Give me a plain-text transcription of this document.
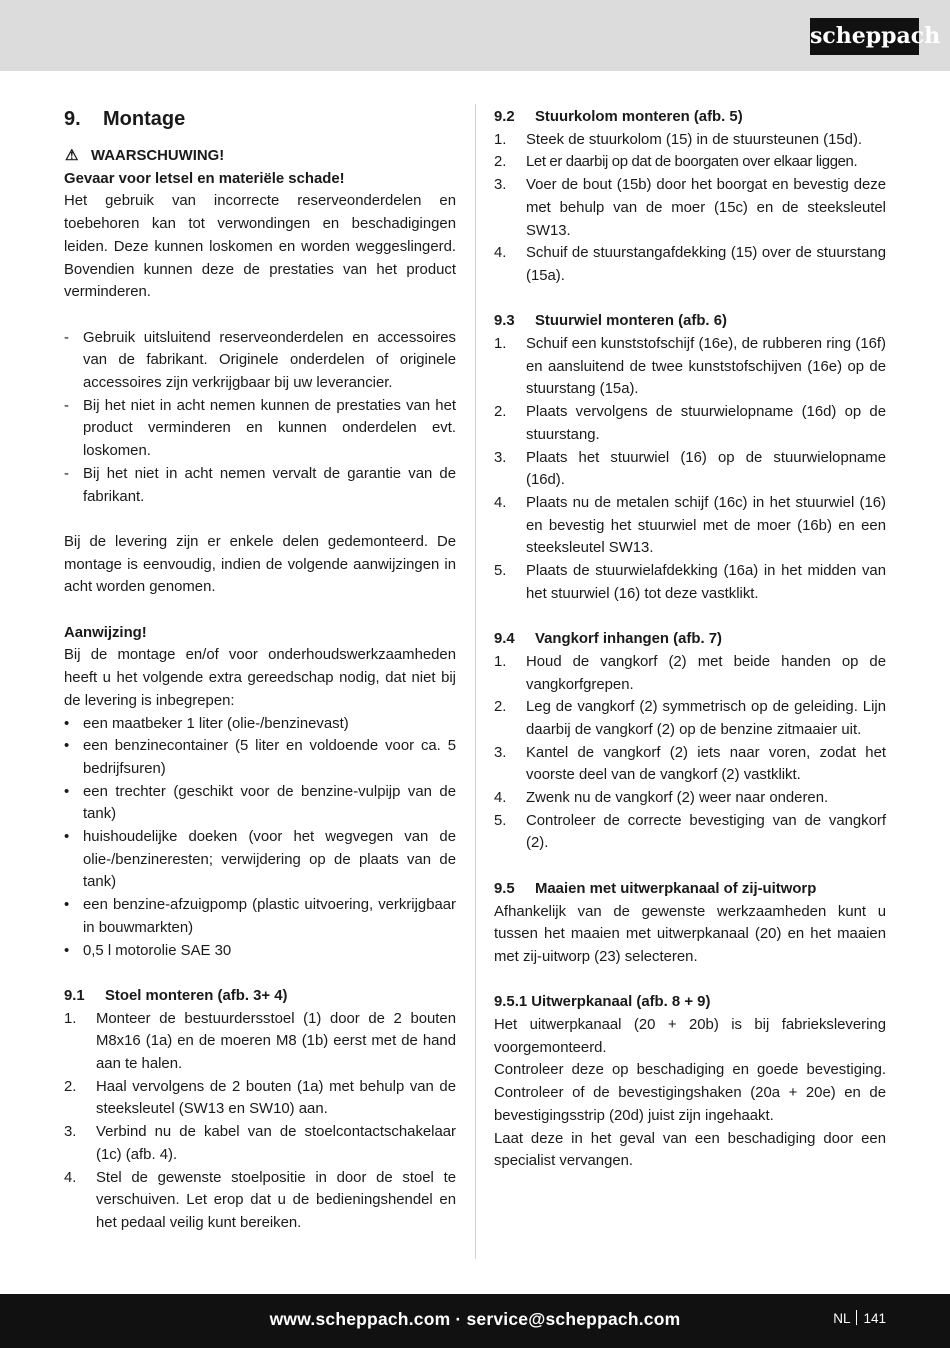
scheppach
9.	Montage
⚠ WAARSCHUWING!

Gevaar voor letsel en materiële schade!

Het gebruik van incorrecte reserveonderdelen en toebehoren kan tot verwondingen en beschadigingen leiden. Deze kunnen loskomen en worden weggeslingerd. Bovendien kunnen deze de prestaties van het product verminderen.

- Gebruik uitsluitend reserveonderdelen en accessoires van de fabrikant. Originele onderdelen of originele accessoires zijn verkrijgbaar bij uw leverancier.
- Bij het niet in acht nemen kunnen de prestaties van het product verminderen en kunnen onderdelen evt. loskomen.
- Bij het niet in acht nemen vervalt de garantie van de fabrikant.

Bij de levering zijn er enkele delen gedemonteerd. De montage is eenvoudig, indien de volgende aanwijzingen in acht worden genomen.

Aanwijzing!

Bij de montage en/of voor onderhoudswerkzaamheden heeft u het volgende extra gereedschap nodig, dat niet bij de levering is inbegrepen:

• een maatbeker 1 liter (olie-/benzinevast)
• een benzinecontainer (5 liter en voldoende voor ca. 5 bedrijfsuren)
• een trechter (geschikt voor de benzine-vulpijp van de tank)
• huishoudelijke doeken (voor het wegvegen van de olie-/benzineresten; verwijdering op de plaats van de tank)
• een benzine-afzuigpomp (plastic uitvoering, verkrijgbaar in bouwmarkten)
• 0,5 l motorolie SAE 30
9.1	Stoel monteren (afb. 3+ 4)
1.	Monteer de bestuurdersstoel (1) door de 2 bouten M8x16 (1a) en de moeren M8 (1b) eerst met de hand aan te halen.
2.	Haal vervolgens de 2 bouten (1a) met behulp van de steeksleutel (SW13 en SW10) aan.
3.	Verbind nu de kabel van de stoelcontactschakelaar (1c) (afb. 4).
4.	Stel de gewenste stoelpositie in door de stoel te verschuiven. Let erop dat u de bedieningshendel en het pedaal veilig kunt bereiken.
9.2	Stuurkolom monteren (afb. 5)
1.	Steek de stuurkolom (15) in de stuursteunen (15d).
2.	Let er daarbij op dat de boorgaten over elkaar liggen.
3.	Voer de bout (15b) door het boorgat en bevestig deze met behulp van de moer (15c) en de steeksleutel SW13.
4.	Schuif de stuurstangafdekking (15) over de stuurstang (15a).
9.3	Stuurwiel monteren (afb. 6)
1.	Schuif een kunststofschijf (16e), de rubberen ring (16f) en aansluitend de twee kunststofschijven (16e) op de stuurstang (15a).
2.	Plaats vervolgens de stuurwielopname (16d) op de stuurstang.
3.	Plaats het stuurwiel (16) op de stuurwielopname (16d).
4.	Plaats nu de metalen schijf (16c) in het stuurwiel (16) en bevestig het stuurwiel met de moer (16b) en een steeksleutel SW13.
5.	Plaats de stuurwielafdekking (16a) in het midden van het stuurwiel (16) tot deze vastklikt.
9.4	Vangkorf inhangen (afb. 7)
1.	Houd de vangkorf (2) met beide handen op de vangkorfgrepen.
2.	Leg de vangkorf (2) symmetrisch op de geleiding. Lijn daarbij de vangkorf (2) op de benzine zitmaaier uit.
3.	Kantel de vangkorf (2) iets naar voren, zodat het voorste deel van de vangkorf (2) vastklikt.
4.	Zwenk nu de vangkorf (2) weer naar onderen.
5.	Controleer de correcte bevestiging van de vangkorf (2).
9.5	Maaien met uitwerpkanaal of zij-uitworp

Afhankelijk van de gewenste werkzaamheden kunt u tussen het maaien met uitwerpkanaal (20) en het maaien met zij-uitworp (23) selecteren.

9.5.1 Uitwerpkanaal (afb. 8 + 9)

Het uitwerpkanaal (20 + 20b) is bij fabriekslevering voorgemonteerd.

Controleer deze op beschadiging en goede bevestiging. Controleer of de bevestigingshaken (20a + 20e) en de bevestigingsstrip (20d) juist zijn ingehaakt.

Laat deze in het geval van een beschadiging door een specialist vervangen.

www.scheppach.com · service@scheppach.com	NL 141
